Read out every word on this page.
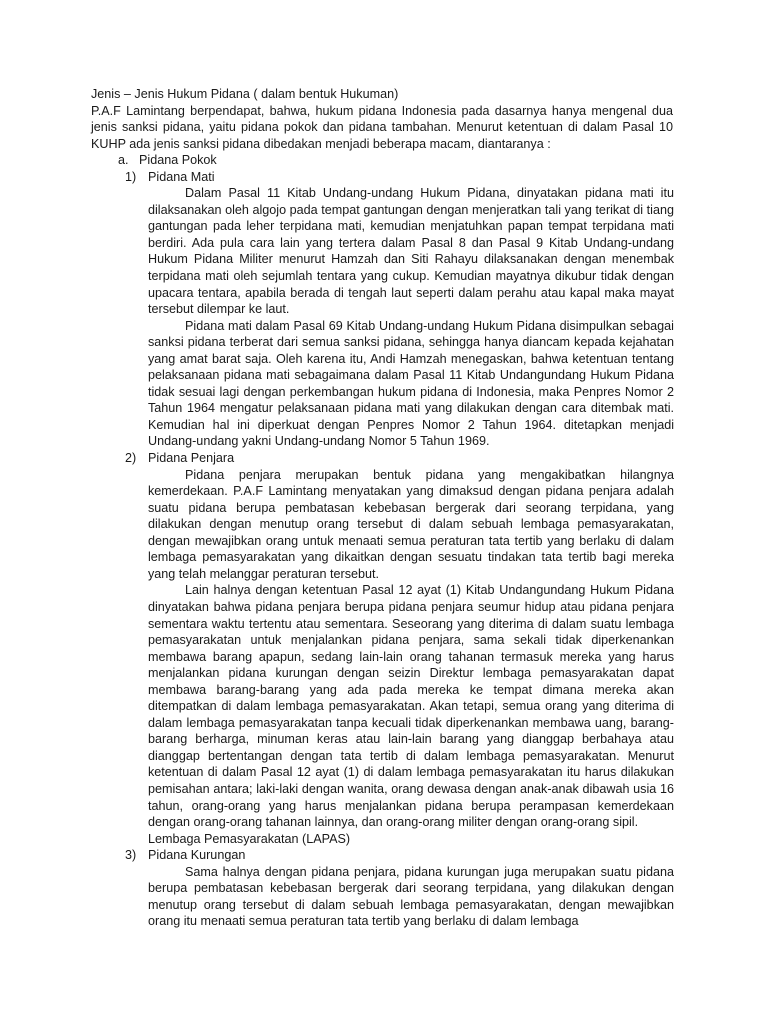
Jenis – Jenis Hukum Pidana ( dalam bentuk Hukuman)

P.A.F Lamintang berpendapat, bahwa, hukum pidana Indonesia pada dasarnya hanya mengenal dua jenis sanksi pidana, yaitu pidana pokok dan pidana tambahan. Menurut ketentuan di dalam Pasal 10 KUHP ada jenis sanksi pidana dibedakan menjadi beberapa macam, diantaranya :

a. Pidana Pokok
1) Pidana Mati

Dalam Pasal 11 Kitab Undang-undang Hukum Pidana, dinyatakan pidana mati itu dilaksanakan oleh algojo pada tempat gantungan dengan menjeratkan tali yang terikat di tiang gantungan pada leher terpidana mati, kemudian menjatuhkan papan tempat terpidana mati berdiri. Ada pula cara lain yang tertera dalam Pasal 8 dan Pasal 9 Kitab Undang-undang Hukum Pidana Militer menurut Hamzah dan Siti Rahayu dilaksanakan dengan menembak terpidana mati oleh sejumlah tentara yang cukup. Kemudian mayatnya dikubur tidak dengan upacara tentara, apabila berada di tengah laut seperti dalam perahu atau kapal maka mayat tersebut dilempar ke laut.

Pidana mati dalam Pasal 69 Kitab Undang-undang Hukum Pidana disimpulkan sebagai sanksi pidana terberat dari semua sanksi pidana, sehingga hanya diancam kepada kejahatan yang amat barat saja. Oleh karena itu, Andi Hamzah menegaskan, bahwa ketentuan tentang pelaksanaan pidana mati sebagaimana dalam Pasal 11 Kitab Undangundang Hukum Pidana tidak sesuai lagi dengan perkembangan hukum pidana di Indonesia, maka Penpres Nomor 2 Tahun 1964 mengatur pelaksanaan pidana mati yang dilakukan dengan cara ditembak mati. Kemudian hal ini diperkuat dengan Penpres Nomor 2 Tahun 1964. ditetapkan menjadi Undang-undang yakni Undang-undang Nomor 5 Tahun 1969.

2) Pidana Penjara

Pidana penjara merupakan bentuk pidana yang mengakibatkan hilangnya kemerdekaan. P.A.F Lamintang menyatakan yang dimaksud dengan pidana penjara adalah suatu pidana berupa pembatasan kebebasan bergerak dari seorang terpidana, yang dilakukan dengan menutup orang tersebut di dalam sebuah lembaga pemasyarakatan, dengan mewajibkan orang untuk menaati semua peraturan tata tertib yang berlaku di dalam lembaga pemasyarakatan yang dikaitkan dengan sesuatu tindakan tata tertib bagi mereka yang telah melanggar peraturan tersebut.

Lain halnya dengan ketentuan Pasal 12 ayat (1) Kitab Undangundang Hukum Pidana dinyatakan bahwa pidana penjara berupa pidana penjara seumur hidup atau pidana penjara sementara waktu tertentu atau sementara. Seseorang yang diterima di dalam suatu lembaga pemasyarakatan untuk menjalankan pidana penjara, sama sekali tidak diperkenankan membawa barang apapun, sedang lain-lain orang tahanan termasuk mereka yang harus menjalankan pidana kurungan dengan seizin Direktur lembaga pemasyarakatan dapat membawa barang-barang yang ada pada mereka ke tempat dimana mereka akan ditempatkan di dalam lembaga pemasyarakatan. Akan tetapi, semua orang yang diterima di dalam lembaga pemasyarakatan tanpa kecuali tidak diperkenankan membawa uang, barang-barang berharga, minuman keras atau lain-lain barang yang dianggap berbahaya atau dianggap bertentangan dengan tata tertib di dalam lembaga pemasyarakatan. Menurut ketentuan di dalam Pasal 12 ayat (1) di dalam lembaga pemasyarakatan itu harus dilakukan pemisahan antara; laki-laki dengan wanita, orang dewasa dengan anak-anak dibawah usia 16 tahun, orang-orang yang harus menjalankan pidana berupa perampasan kemerdekaan dengan orang-orang tahanan lainnya, dan orang-orang militer dengan orang-orang sipil.

Lembaga Pemasyarakatan (LAPAS)

3) Pidana Kurungan

Sama halnya dengan pidana penjara, pidana kurungan juga merupakan suatu pidana berupa pembatasan kebebasan bergerak dari seorang terpidana, yang dilakukan dengan menutup orang tersebut di dalam sebuah lembaga pemasyarakatan, dengan mewajibkan orang itu menaati semua peraturan tata tertib yang berlaku di dalam lembaga
